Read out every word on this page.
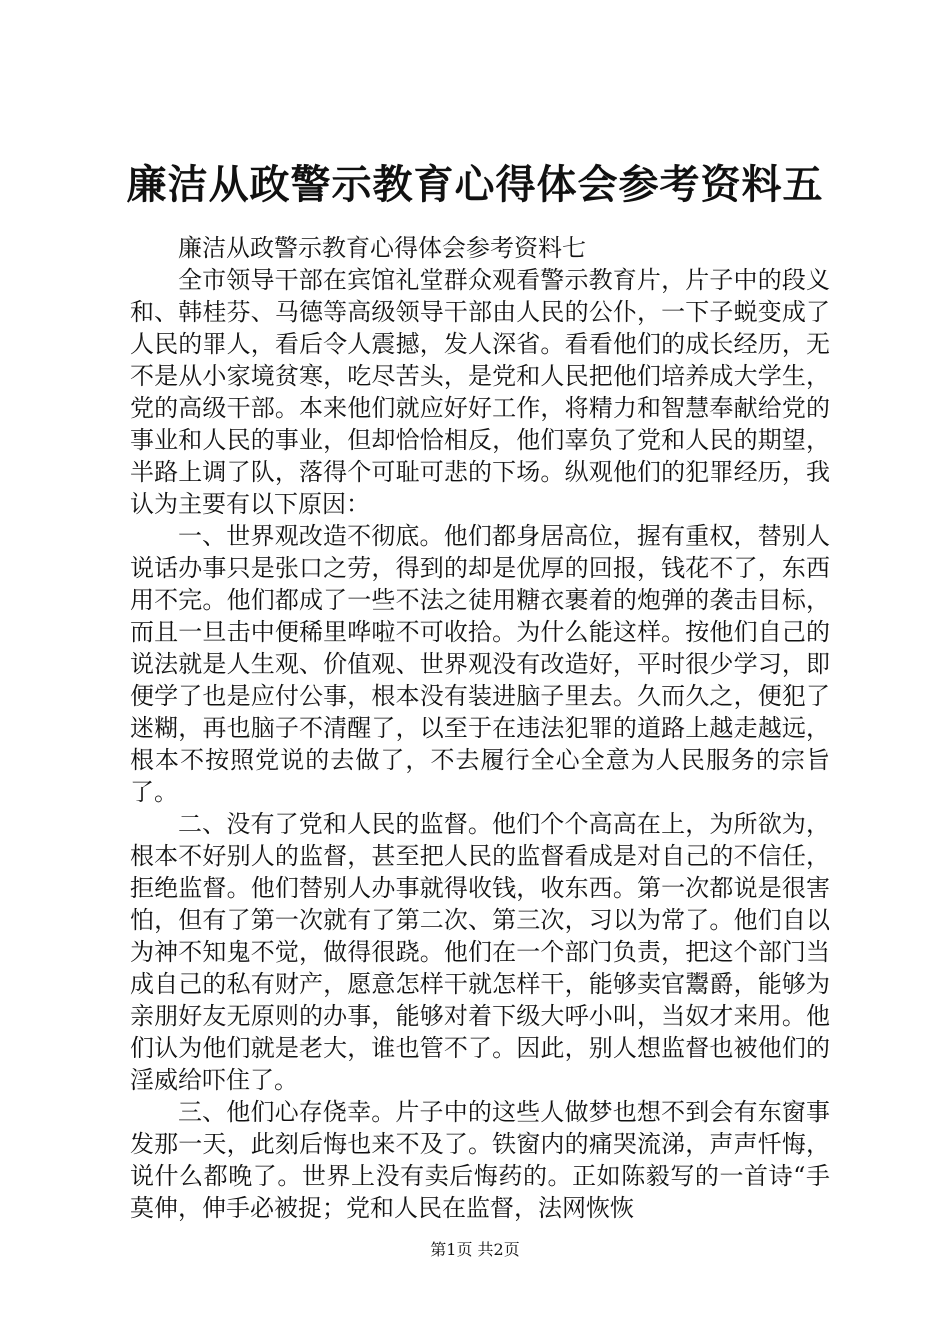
廉洁从政警示教育心得体会参考资料五

廉洁从政警示教育心得体会参考资料七

全市领导干部在宾馆礼堂群众观看警示教育片，片子中的段义和、韩桂芬、马德等高级领导干部由人民的公仆，一下子蜕变成了人民的罪人，看后令人震撼，发人深省。看看他们的成长经历，无不是从小家境贫寒，吃尽苦头，是党和人民把他们培养成大学生，党的高级干部。本来他们就应好好工作，将精力和智慧奉献给党的事业和人民的事业，但却恰恰相反，他们辜负了党和人民的期望，半路上调了队，落得个可耻可悲的下场。纵观他们的犯罪经历，我认为主要有以下原因：

一、世界观改造不彻底。他们都身居高位，握有重权，替别人说话办事只是张口之劳，得到的却是优厚的回报，钱花不了，东西用不完。他们都成了一些不法之徒用糖衣裹着的炮弹的袭击目标，而且一旦击中便稀里哗啦不可收拾。为什么能这样。按他们自己的说法就是人生观、价值观、世界观没有改造好，平时很少学习，即便学了也是应付公事，根本没有装进脑子里去。久而久之，便犯了迷糊，再也脑子不清醒了，以至于在违法犯罪的道路上越走越远，根本不按照党说的去做了，不去履行全心全意为人民服务的宗旨了。

二、没有了党和人民的监督。他们个个高高在上，为所欲为，根本不好别人的监督，甚至把人民的监督看成是对自己的不信任，拒绝监督。他们替别人办事就得收钱，收东西。第一次都说是很害怕，但有了第一次就有了第二次、第三次，习以为常了。他们自以为神不知鬼不觉，做得很跷。他们在一个部门负责，把这个部门当成自己的私有财产，愿意怎样干就怎样干，能够卖官鬻爵，能够为亲朋好友无原则的办事，能够对着下级大呼小叫，当奴才来用。他们认为他们就是老大，谁也管不了。因此，别人想监督也被他们的淫威给吓住了。

三、他们心存侥幸。片子中的这些人做梦也想不到会有东窗事发那一天，此刻后悔也来不及了。铁窗内的痛哭流涕，声声忏悔，说什么都晚了。世界上没有卖后悔药的。正如陈毅写的一首诗“手莫伸，伸手必被捉；党和人民在监督，法网恢恢

第1页 共2页
